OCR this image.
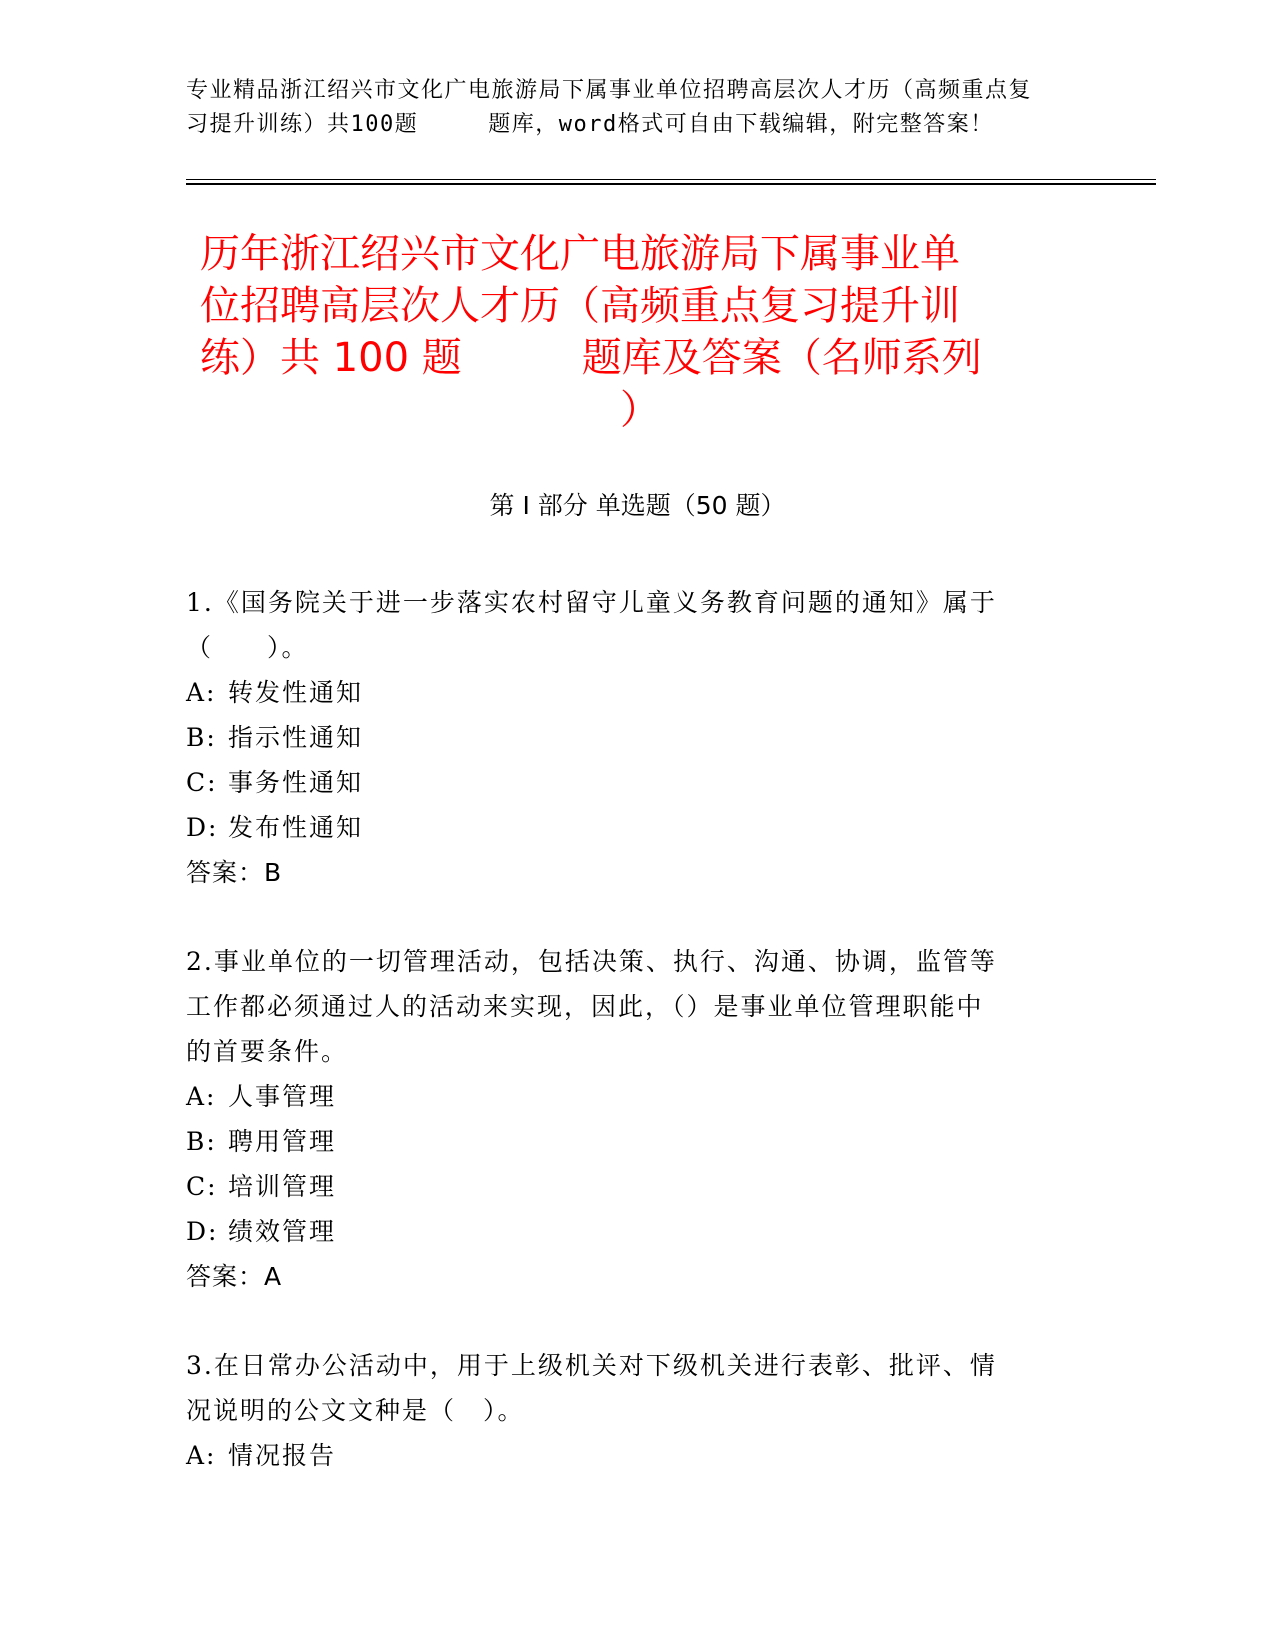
专业精品浙江绍兴市文化广电旅游局下属事业单位招聘高层次人才历（高频重点复
习提升训练）共100题	题库，word格式可自由下载编辑，附完整答案！
历年浙江绍兴市文化广电旅游局下属事业单
位招聘高层次人才历（高频重点复习提升训
练）共 100 题	题库及答案（名师系列
）
第 I 部分 单选题（50 题）
1.《国务院关于进一步落实农村留守儿童义务教育问题的通知》属于
（　　）。
A: 转发性通知
B: 指示性通知
C: 事务性通知
D: 发布性通知
答案：B
2.事业单位的一切管理活动，包括决策、执行、沟通、协调，监管等
工作都必须通过人的活动来实现，因此，（）是事业单位管理职能中
的首要条件。
A: 人事管理
B: 聘用管理
C: 培训管理
D: 绩效管理
答案：A
3.在日常办公活动中，用于上级机关对下级机关进行表彰、批评、情
况说明的公文文种是（　）。
A: 情况报告
